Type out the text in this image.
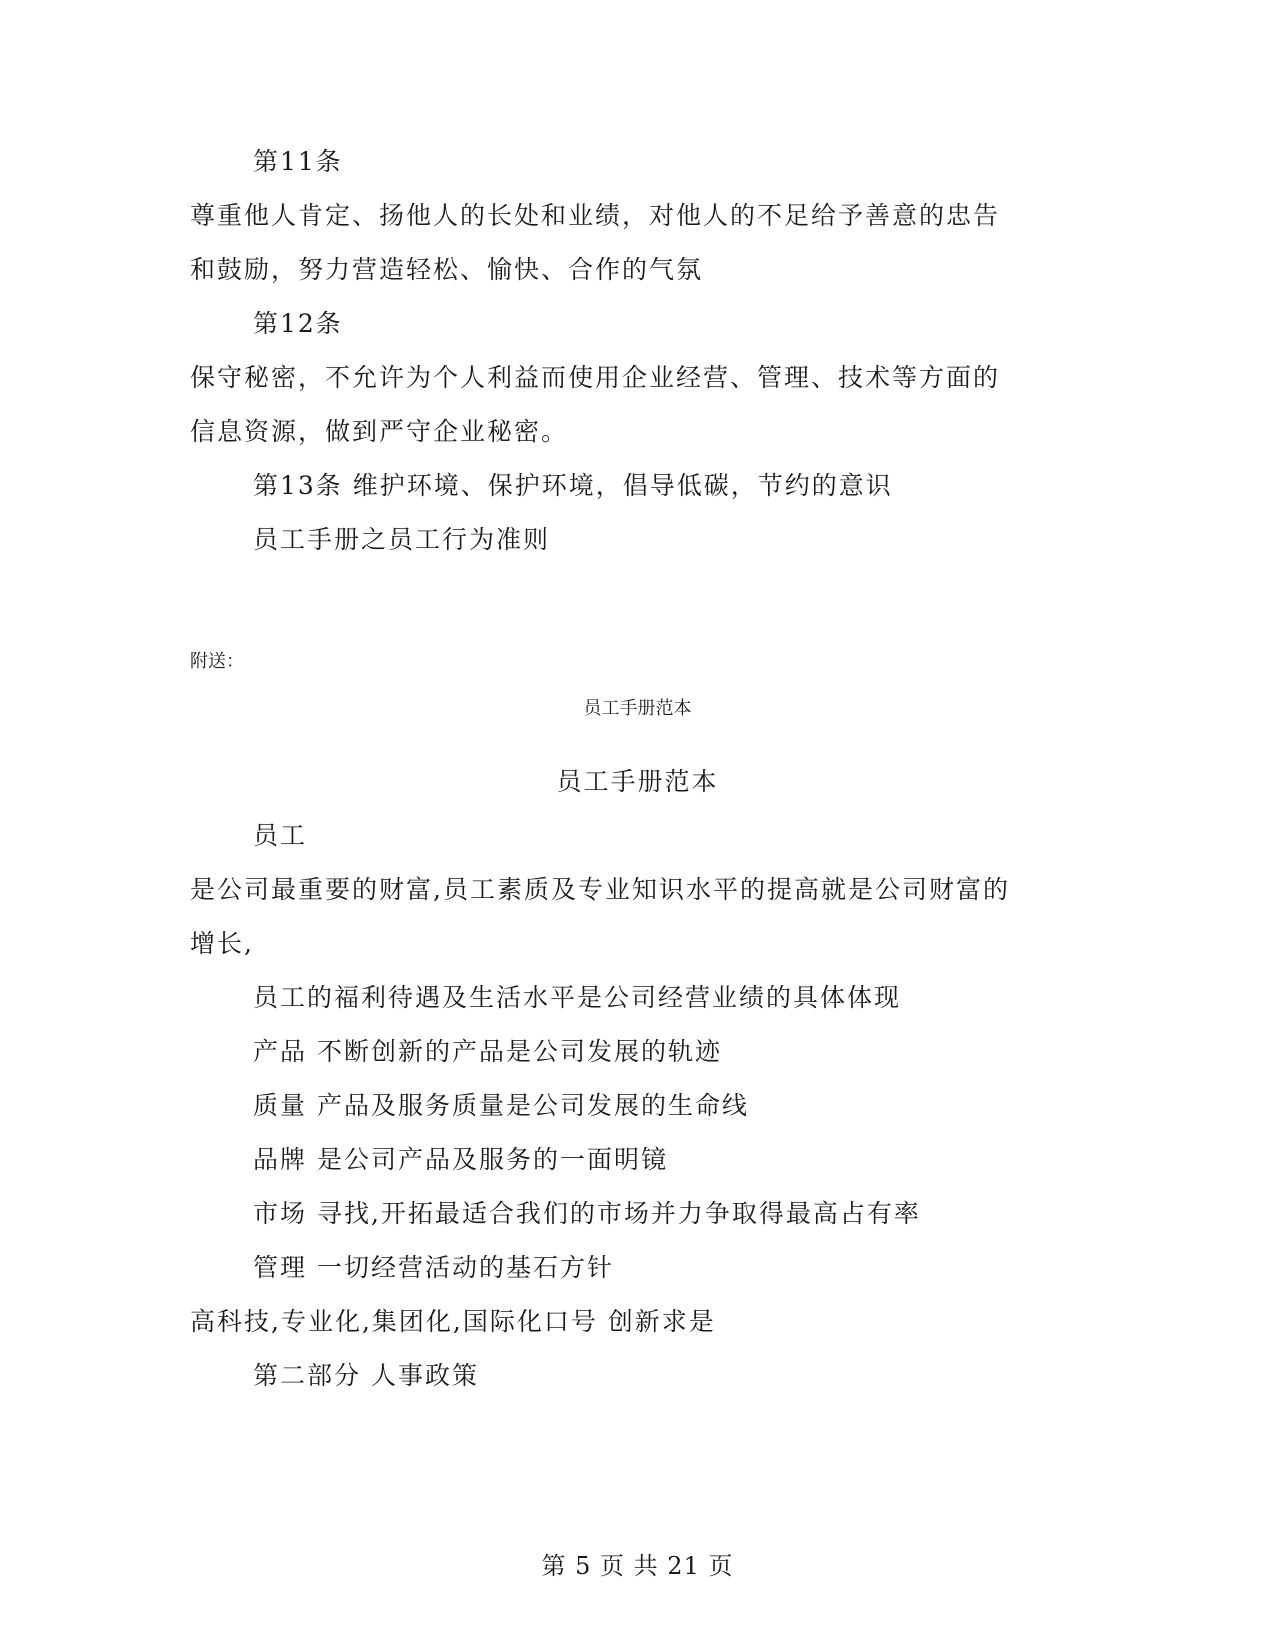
第11条
尊重他人肯定、扬他人的长处和业绩，对他人的不足给予善意的忠告
和鼓励，努力营造轻松、愉快、合作的气氛
第12条
保守秘密，不允许为个人利益而使用企业经营、管理、技术等方面的
信息资源，做到严守企业秘密。
第13条 维护环境、保护环境，倡导低碳，节约的意识
员工手册之员工行为准则
附送：
员工手册范本
员工手册范本
员工
是公司最重要的财富,员工素质及专业知识水平的提高就是公司财富的
增长,
员工的福利待遇及生活水平是公司经营业绩的具体体现
产品 不断创新的产品是公司发展的轨迹
质量 产品及服务质量是公司发展的生命线
品牌 是公司产品及服务的一面明镜
市场 寻找,开拓最适合我们的市场并力争取得最高占有率
管理 一切经营活动的基石方针
高科技,专业化,集团化,国际化口号 创新求是
第二部分 人事政策
第 5 页 共 21 页
